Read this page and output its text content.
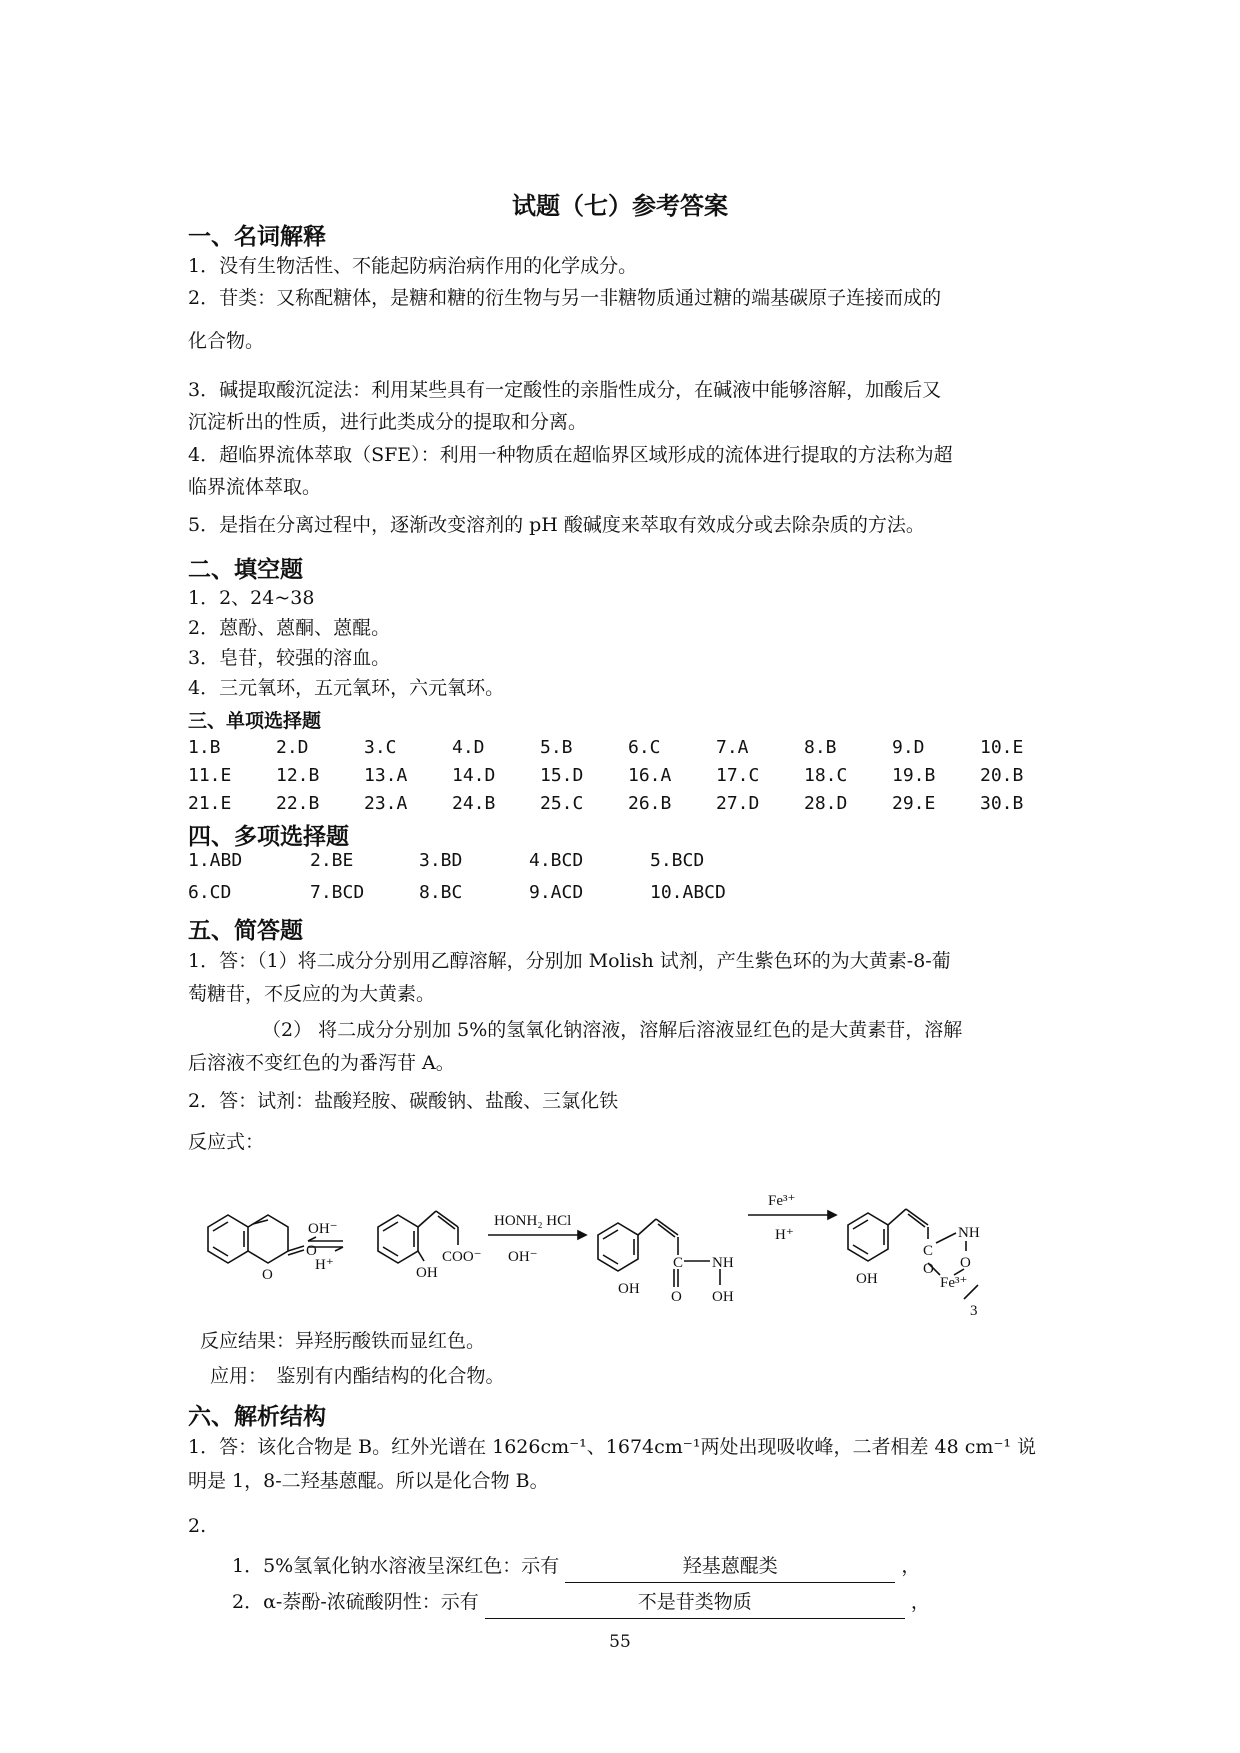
试题（七）参考答案
一、名词解释
1．没有生物活性、不能起防病治病作用的化学成分。
2．苷类：又称配糖体，是糖和糖的衍生物与另一非糖物质通过糖的端基碳原子连接而成的
化合物。
3．碱提取酸沉淀法：利用某些具有一定酸性的亲脂性成分，在碱液中能够溶解，加酸后又
沉淀析出的性质，进行此类成分的提取和分离。
4．超临界流体萃取（SFE）：利用一种物质在超临界区域形成的流体进行提取的方法称为超
临界流体萃取。
5．是指在分离过程中，逐渐改变溶剂的 pH 酸碱度来萃取有效成分或去除杂质的方法。
二、填空题
1．2、24~38
2．蒽酚、蒽酮、蒽醌。
3．皂苷，较强的溶血。
4．三元氧环，五元氧环，六元氧环。
三、单项选择题
1.B	2.D	3.C	4.D	5.B	6.C	7.A	8.B	9.D	10.E
11.E 12.B 13.A 14.D 15.D 16.A 17.C 18.C 19.B 20.B
21.E 22.B 23.A 24.B 25.C 26.B 27.D 28.D 29.E 30.B
四、多项选择题
1.ABD	2.BE	3.BD	4.BCD	5.BCD
6.CD	7.BCD	8.BC	9.ACD	10.ABCD
五、简答题
1．答：（1）将二成分分别用乙醇溶解，分别加 Molish 试剂，产生紫色环的为大黄素-8-葡
萄糖苷，不反应的为大黄素。
（2） 将二成分分别加 5%的氢氧化钠溶液，溶解后溶液显红色的是大黄素苷，溶解
后溶液不变红色的为番泻苷 A。
2．答：试剂：盐酸羟胺、碳酸钠、盐酸、三氯化铁
反应式：
O
O
OH⁻
H⁺	OH
COO⁻
HONH₂ HCl
OH⁻
OH
C
O
NH
OH
Fe³⁺
H⁺
OH
C
O
NH
O
Fe³⁺
3
反应结果：异羟肟酸铁而显红色。
应用：　鉴别有内酯结构的化合物。
六、解析结构
1．答：该化合物是 B。红外光谱在 1626cm⁻¹、1674cm⁻¹两处出现吸收峰，二者相差 48 cm⁻¹ 说
明是 1，8-二羟基蒽醌。所以是化合物 B。
2.
1．5%氢氧化钠水溶液呈深红色：示有	羟基蒽醌类	，
2．α-萘酚-浓硫酸阴性：示有	不是苷类物质	，
55
